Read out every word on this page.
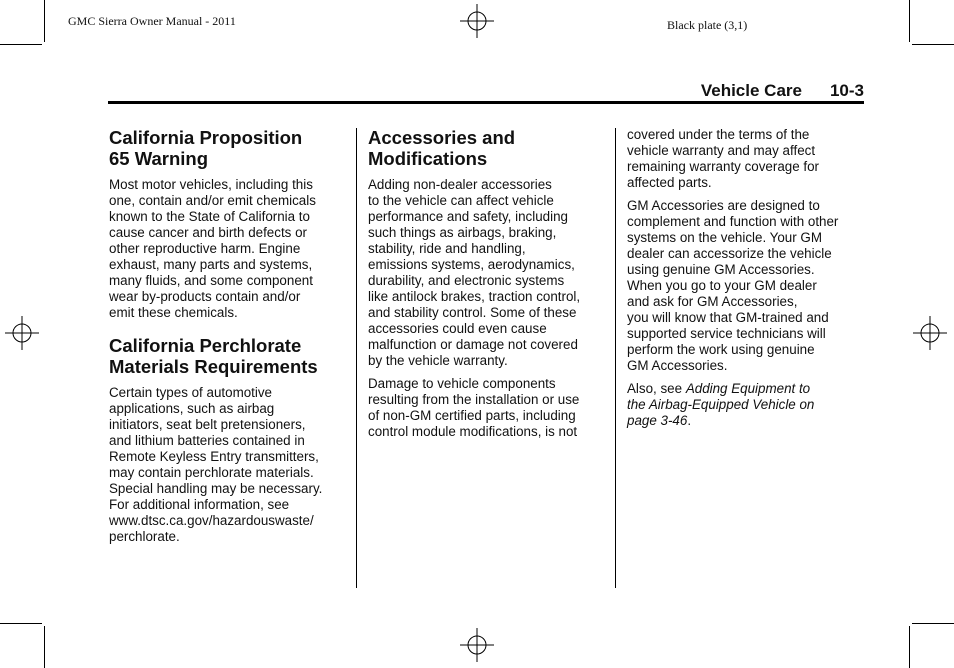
GMC Sierra Owner Manual - 2011	Black plate (3,1)
Vehicle Care 10-3
California Proposition
65 Warning

Most motor vehicles, including this
one, contain and/or emit chemicals
known to the State of California to
cause cancer and birth defects or
other reproductive harm. Engine
exhaust, many parts and systems,
many fluids, and some component
wear by-products contain and/or
emit these chemicals.

California Perchlorate
Materials Requirements

Certain types of automotive
applications, such as airbag
initiators, seat belt pretensioners,
and lithium batteries contained in
Remote Keyless Entry transmitters,
may contain perchlorate materials.
Special handling may be necessary.
For additional information, see
www.dtsc.ca.gov/hazardouswaste/
perchlorate.

Accessories and
Modifications

Adding non-dealer accessories
to the vehicle can affect vehicle
performance and safety, including
such things as airbags, braking,
stability, ride and handling,
emissions systems, aerodynamics,
durability, and electronic systems
like antilock brakes, traction control,
and stability control. Some of these
accessories could even cause
malfunction or damage not covered
by the vehicle warranty.

Damage to vehicle components
resulting from the installation or use
of non-GM certified parts, including
control module modifications, is not

covered under the terms of the
vehicle warranty and may affect
remaining warranty coverage for
affected parts.

GM Accessories are designed to
complement and function with other
systems on the vehicle. Your GM
dealer can accessorize the vehicle
using genuine GM Accessories.
When you go to your GM dealer
and ask for GM Accessories,
you will know that GM-trained and
supported service technicians will
perform the work using genuine
GM Accessories.

Also, see Adding Equipment to
the Airbag-Equipped Vehicle on
page 3-46.
